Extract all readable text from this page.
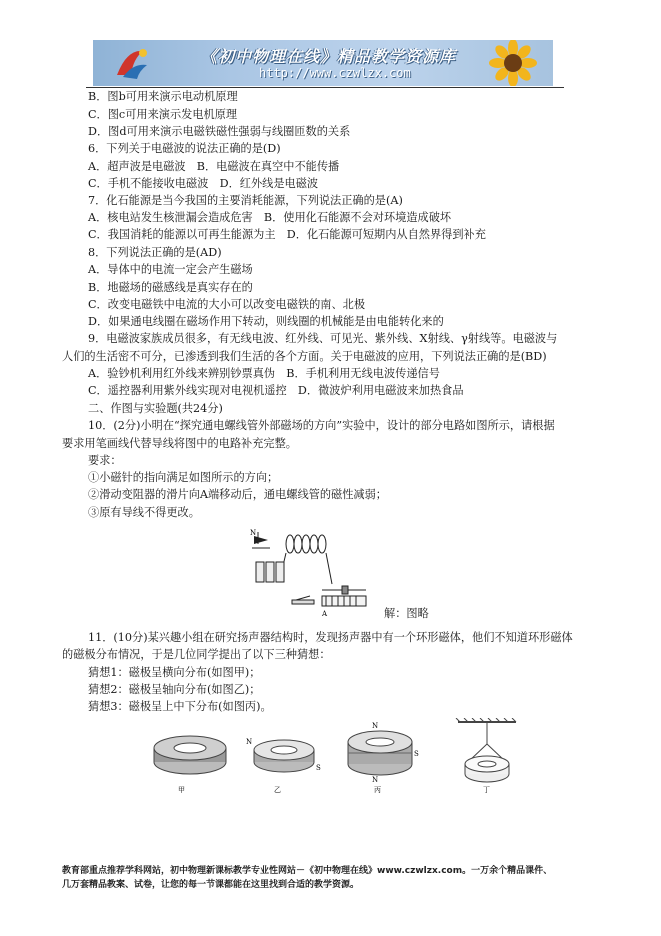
《初中物理在线》精品教学资源库
http://www.czwlzx.com
B．图b可用来演示电动机原理
C．图c可用来演示发电机原理
D．图d可用来演示电磁铁磁性强弱与线圈匝数的关系
6．下列关于电磁波的说法正确的是(D)
A．超声波是电磁波　B．电磁波在真空中不能传播
C．手机不能接收电磁波　D．红外线是电磁波
7．化石能源是当今我国的主要消耗能源，下列说法正确的是(A)
A．核电站发生核泄漏会造成危害　B．使用化石能源不会对环境造成破坏
C．我国消耗的能源以可再生能源为主　D．化石能源可短期内从自然界得到补充
8．下列说法正确的是(AD)
A．导体中的电流一定会产生磁场
B．地磁场的磁感线是真实存在的
C．改变电磁铁中电流的大小可以改变电磁铁的南、北极
D．如果通电线圈在磁场作用下转动，则线圈的机械能是由电能转化来的
9．电磁波家族成员很多，有无线电波、红外线、可见光、紫外线、X射线、γ射线等。电磁波与
人们的生活密不可分，已渗透到我们生活的各个方面。关于电磁波的应用，下列说法正确的是(BD)
A．验钞机利用红外线来辨别钞票真伪　B．手机利用无线电波传递信号
C．遥控器利用紫外线实现对电视机遥控　D．微波炉利用电磁波来加热食品
二、作图与实验题(共24分)
10．(2分)小明在“探究通电螺线管外部磁场的方向”实验中，设计的部分电路如图所示，请根据
要求用笔画线代替导线将图中的电路补充完整。
要求：
①小磁针的指向满足如图所示的方向；
②滑动变阻器的滑片向A端移动后，通电螺线管的磁性减弱；
③原有导线不得更改。
N
A	解：图略
11．(10分)某兴趣小组在研究扬声器结构时，发现扬声器中有一个环形磁体，他们不知道环形磁体
的磁极分布情况，于是几位同学提出了以下三种猜想：
猜想1：磁极呈横向分布(如图甲)；
猜想2：磁极呈轴向分布(如图乙)；
猜想3：磁极呈上中下分布(如图丙)。
甲
N
S
乙
N
S
N
丙	丁
教育部重点推荐学科网站，初中物理新课标教学专业性网站－《初中物理在线》www.czwlzx.com。一万余个精品课件、
几万套精品教案、试卷，让您的每一节课都能在这里找到合适的教学资源。
